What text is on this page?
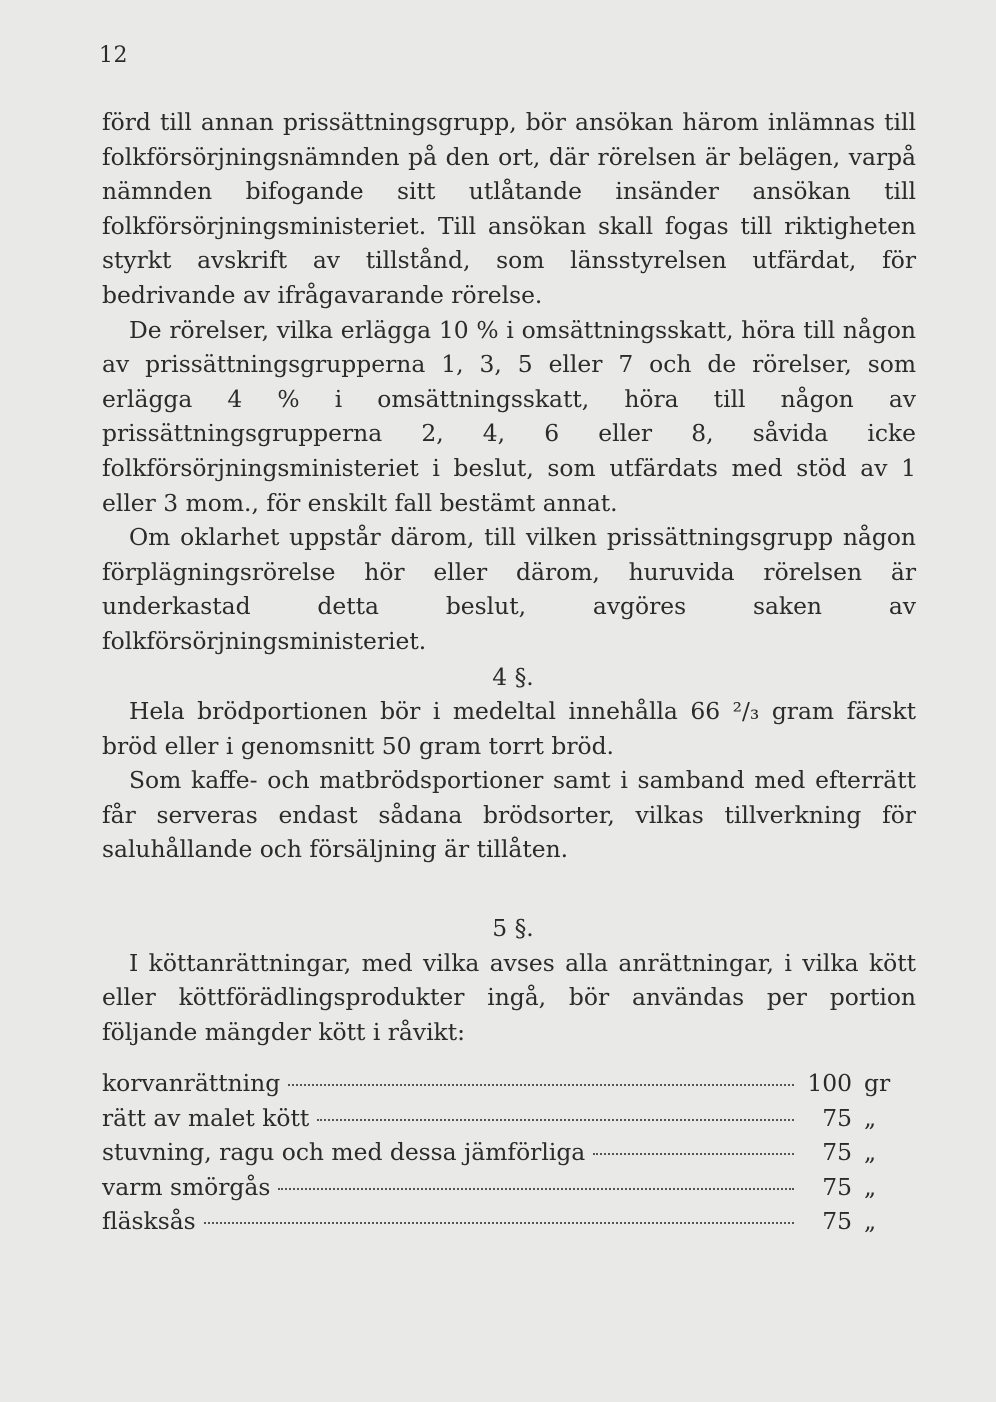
12

förd till annan prissättningsgrupp, bör ansökan härom inlämnas till folkförsörjningsnämnden på den ort, där rörelsen är belägen, varpå nämnden bifogande sitt utlåtande insänder ansökan till folkförsörjningsministeriet. Till ansökan skall fogas till riktigheten styrkt avskrift av tillstånd, som länsstyrelsen utfärdat, för bedrivande av ifrågavarande rörelse.

De rörelser, vilka erlägga 10 % i omsättningsskatt, höra till någon av prissättningsgrupperna 1, 3, 5 eller 7 och de rörelser, som erlägga 4 % i omsättningsskatt, höra till någon av prissättningsgrupperna 2, 4, 6 eller 8, såvida icke folkförsörjningsministeriet i beslut, som utfärdats med stöd av 1 eller 3 mom., för enskilt fall bestämt annat.

Om oklarhet uppstår därom, till vilken prissättningsgrupp någon förplägningsrörelse hör eller därom, huruvida rörelsen är underkastad detta beslut, avgöres saken av folkförsörjningsministeriet.

4 §.

Hela brödportionen bör i medeltal innehålla 66 ²/₃ gram färskt bröd eller i genomsnitt 50 gram torrt bröd.

Som kaffe- och matbrödsportioner samt i samband med efterrätt får serveras endast sådana brödsorter, vilkas tillverkning för saluhållande och försäljning är tillåten.

5 §.

I köttanrättningar, med vilka avses alla anrättningar, i vilka kött eller köttförädlingsprodukter ingå, bör användas per portion följande mängder kött i råvikt:

korvanrättning	100 gr
rätt av malet kött	75 „
stuvning, ragu och med dessa jämförliga	75 „
varm smörgås	75 „
fläsksås	75 „
